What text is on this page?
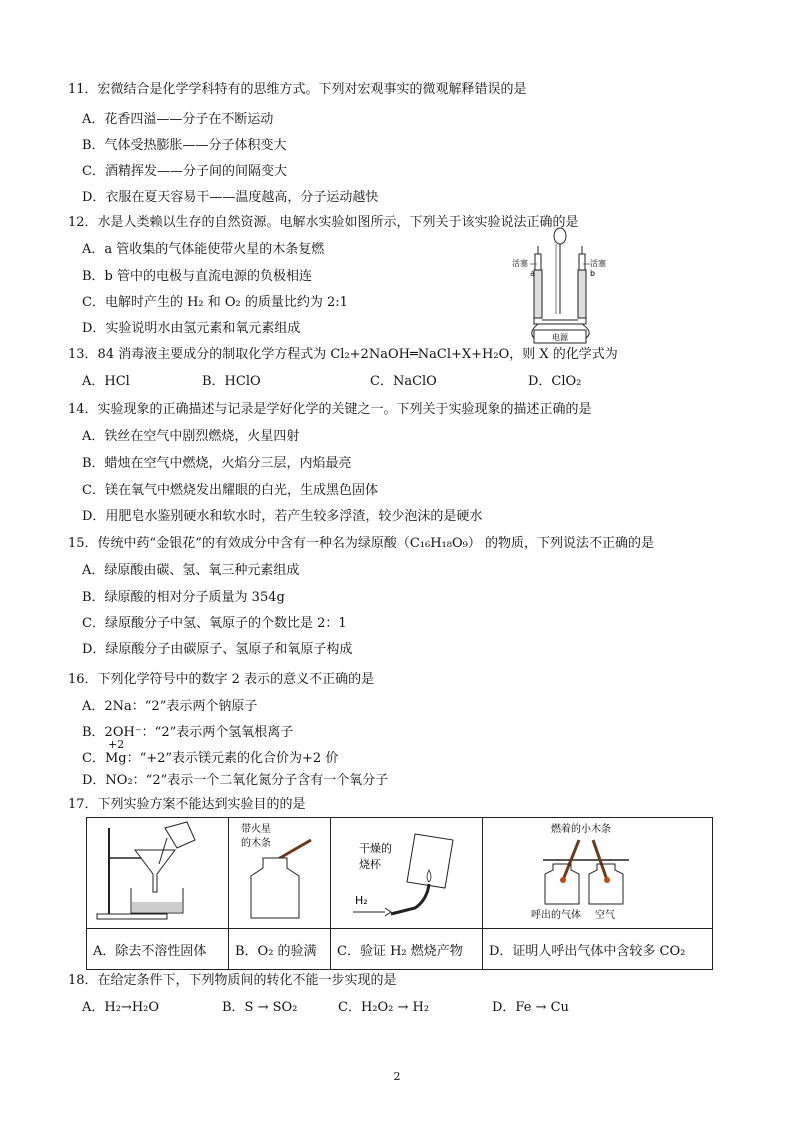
11．宏微结合是化学学科特有的思维方式。下列对宏观事实的微观解释错误的是
A．花香四溢——分子在不断运动
B．气体受热膨胀——分子体积变大
C．酒精挥发——分子间的间隔变大
D．衣服在夏天容易干——温度越高，分子运动越快
12．水是人类赖以生存的自然资源。电解水实验如图所示，下列关于该实验说法正确的是
A．a 管收集的气体能使带火星的木条复燃
B．b 管中的电极与直流电源的负极相连
C．电解时产生的 H₂ 和 O₂ 的质量比约为 2:1
D．实验说明水由氢元素和氧元素组成
电源
活塞
a
活塞
b
13．84 消毒液主要成分的制取化学方程式为 Cl₂+2NaOH═NaCl+X+H₂O，则 X 的化学式为
A．HCl	B．HClO	C．NaClO	D．ClO₂
14．实验现象的正确描述与记录是学好化学的关键之一。下列关于实验现象的描述正确的是
A．铁丝在空气中剧烈燃烧，火星四射
B．蜡烛在空气中燃烧，火焰分三层，内焰最亮
C．镁在氧气中燃烧发出耀眼的白光，生成黑色固体
D．用肥皂水鉴别硬水和软水时，若产生较多浮渣，较少泡沫的是硬水
15．传统中药“金银花”的有效成分中含有一种名为绿原酸（C₁₆H₁₈O₉） 的物质，下列说法不正确的是
A．绿原酸由碳、氢、氧三种元素组成
B．绿原酸的相对分子质量为 354g
C．绿原酸分子中氢、氧原子的个数比是 2：1
D．绿原酸分子由碳原子、氢原子和氧原子构成
16．下列化学符号中的数字 2 表示的意义不正确的是
A．2Na：“2”表示两个钠原子
B．2OH⁻：“2”表示两个氢氧根离子
+2
C．Mg：“+2”表示镁元素的化合价为+2 价
D．NO₂：“2”表示一个二氧化氮分子含有一个氧分子
17．下列实验方案不能达到实验目的的是

带火星
的木条	干燥的
烧杯
H₂	燃着的小木条
呼出的气体 空气

A．除去不溶性固体	B．O₂ 的验满	C．验证 H₂ 燃烧产物	D．证明人呼出气体中含较多 CO₂
18．在给定条件下，下列物质间的转化不能一步实现的是
A．H₂→H₂O	B．S → SO₂	C．H₂O₂ → H₂	D．Fe → Cu
2
